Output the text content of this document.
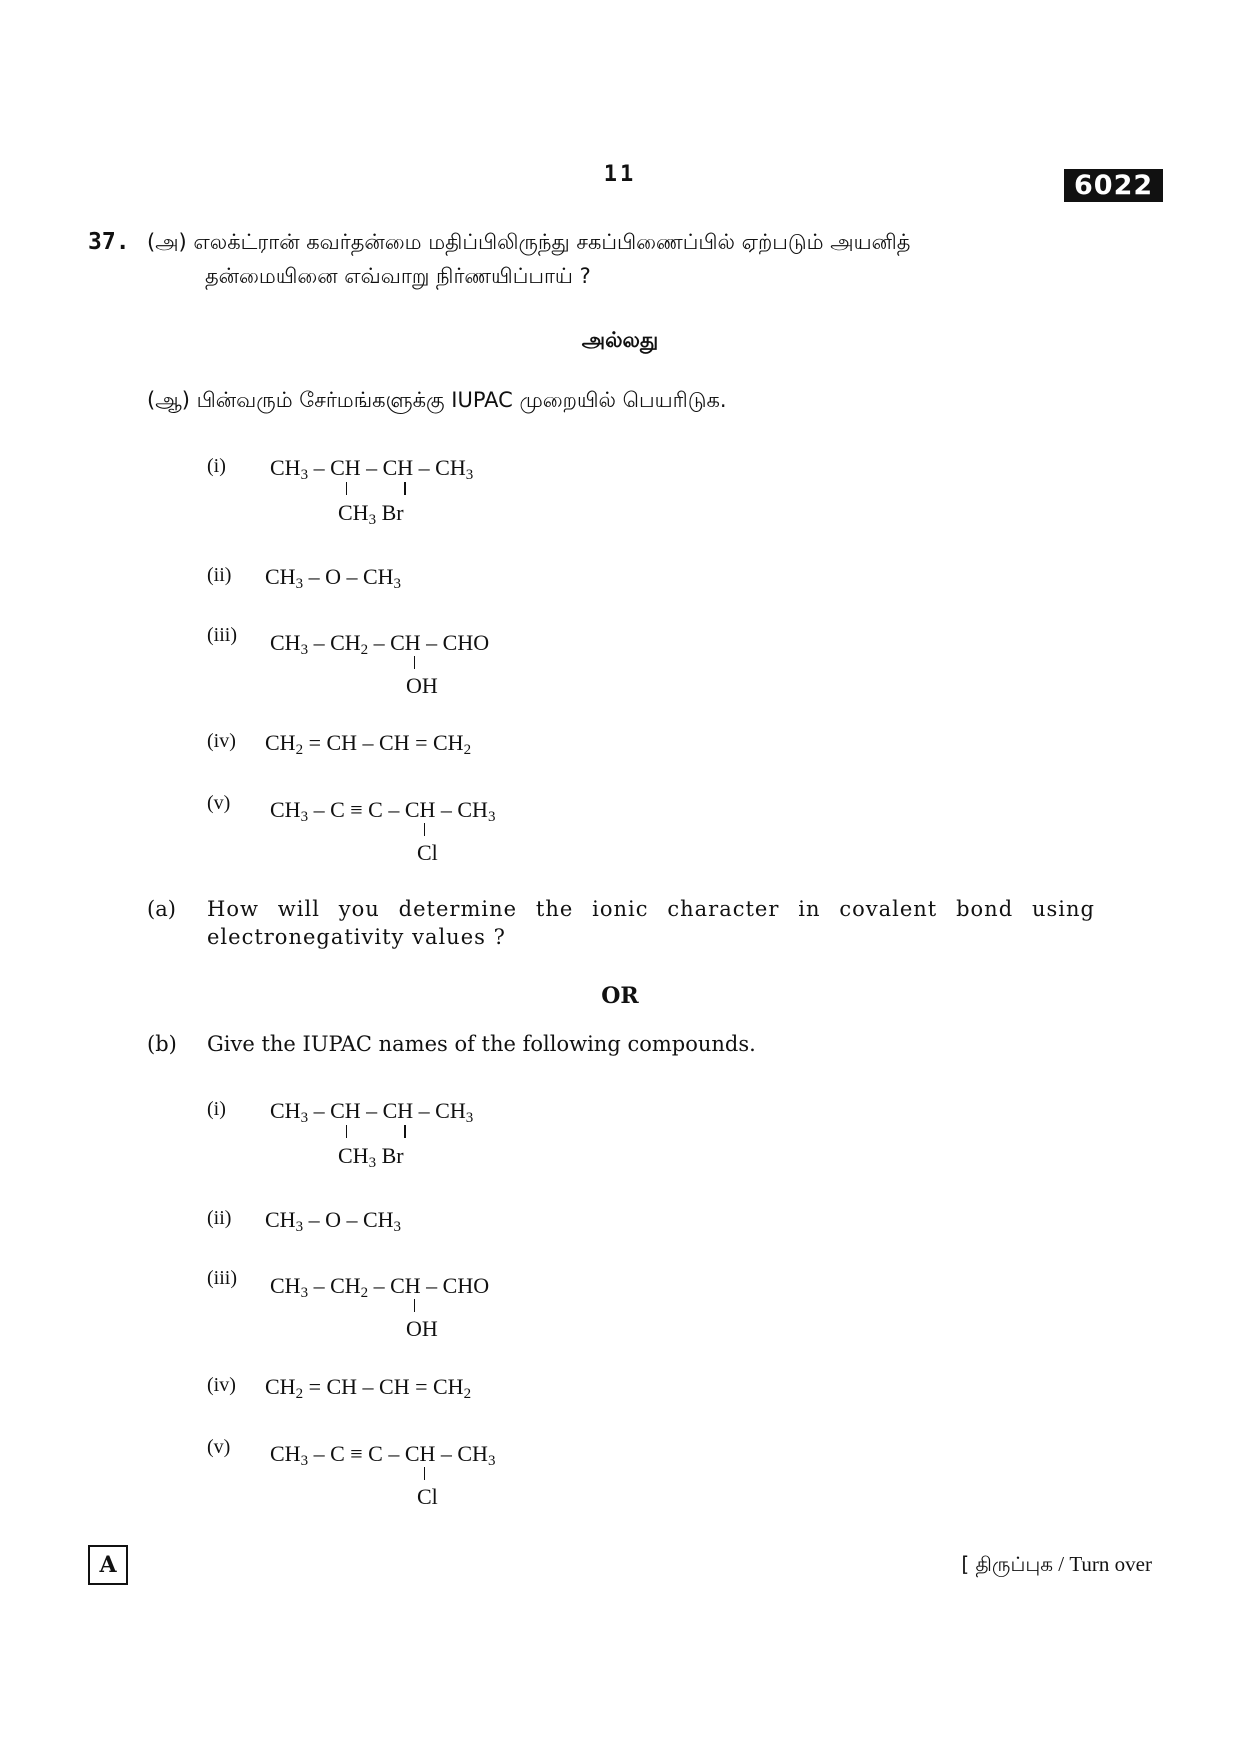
11	6022
37. (அ) எலக்ட்ரான் கவர்தன்மை மதிப்பிலிருந்து சகப்பிணைப்பில் ஏற்படும் அயனித்
தன்மையினை எவ்வாறு நிர்ணயிப்பாய் ?
அல்லது
(ஆ) பின்வரும் சேர்மங்களுக்கு IUPAC முறையில் பெயரிடுக.
(i) $CH_3$ – CH – CH – $CH_3$
$CH_3$ Br
(ii) $CH_3$ – O – $CH_3$
(iii) $CH_3 - CH_2$ – CH – CHO
OH
(iv) $CH_2$ = CH – CH = $CH_2$
(v) $CH_3 - C \equiv C$ – CH – $CH_3$
Cl
(a) How will you determine the ionic character in covalent bond using
electronegativity values ?
OR
(b) Give the IUPAC names of the following compounds.
(i) $CH_3$ – CH – CH – $CH_3$
$CH_3$ Br
(ii) $CH_3$ – O – $CH_3$
(iii) $CH_3 - CH_2$ – CH – CHO
OH
(iv) $CH_2$ = CH – CH = $CH_2$
(v) $CH_3 - C \equiv C$ – CH – $CH_3$
Cl
A	[ திருப்புக / Turn over
